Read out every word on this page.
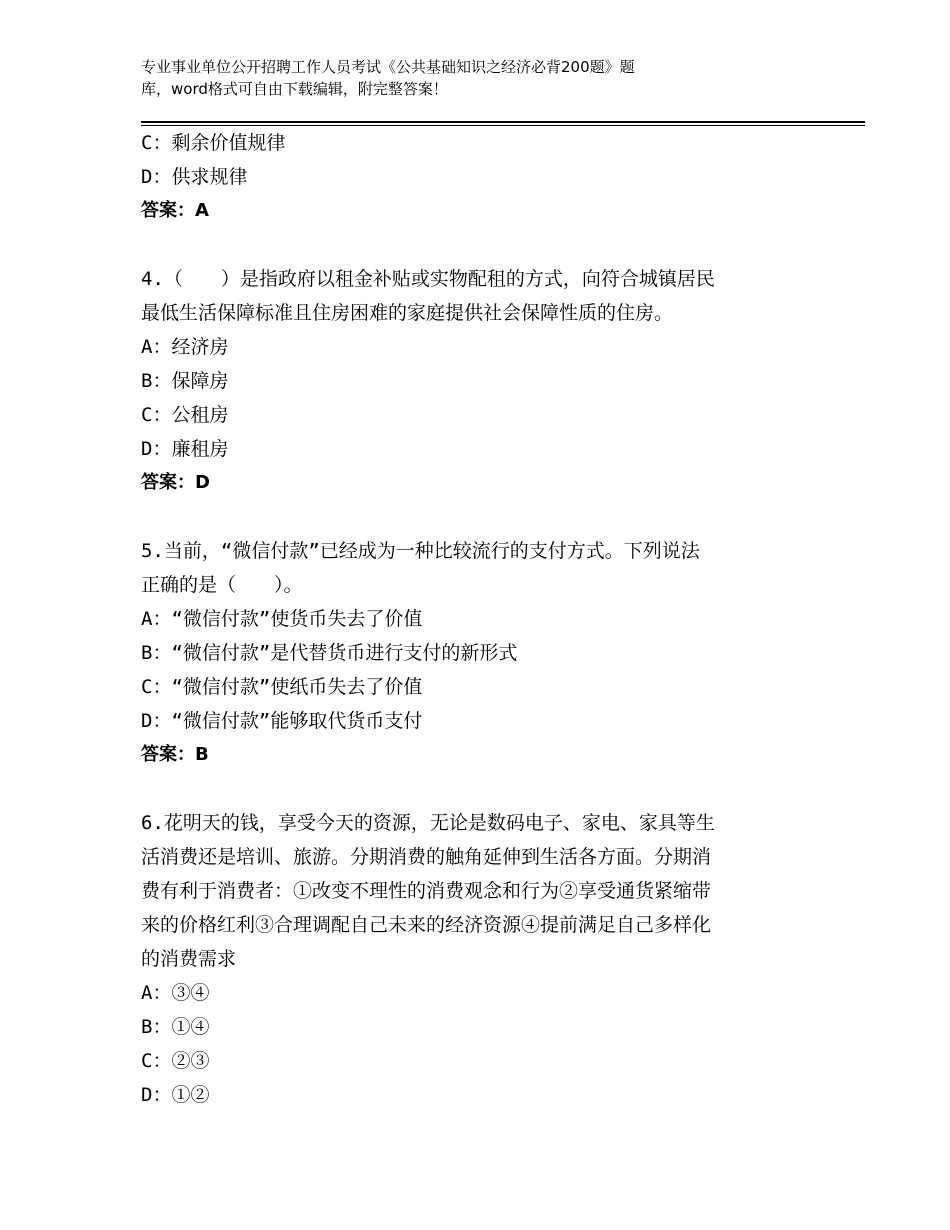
专业事业单位公开招聘工作人员考试《公共基础知识之经济必背200题》题
库，word格式可自由下载编辑，附完整答案！
C：剩余价值规律
D：供求规律
答案：A
4.（　　）是指政府以租金补贴或实物配租的方式，向符合城镇居民
最低生活保障标准且住房困难的家庭提供社会保障性质的住房。
A：经济房
B：保障房
C：公租房
D：廉租房
答案：D
5.当前，“微信付款”已经成为一种比较流行的支付方式。下列说法
正确的是（　　）。
A：“微信付款”使货币失去了价值
B：“微信付款”是代替货币进行支付的新形式
C：“微信付款”使纸币失去了价值
D：“微信付款”能够取代货币支付
答案：B
6.花明天的钱，享受今天的资源，无论是数码电子、家电、家具等生
活消费还是培训、旅游。分期消费的触角延伸到生活各方面。分期消
费有利于消费者：①改变不理性的消费观念和行为②享受通货紧缩带
来的价格红利③合理调配自己未来的经济资源④提前满足自己多样化
的消费需求
A：③④
B：①④
C：②③
D：①②
